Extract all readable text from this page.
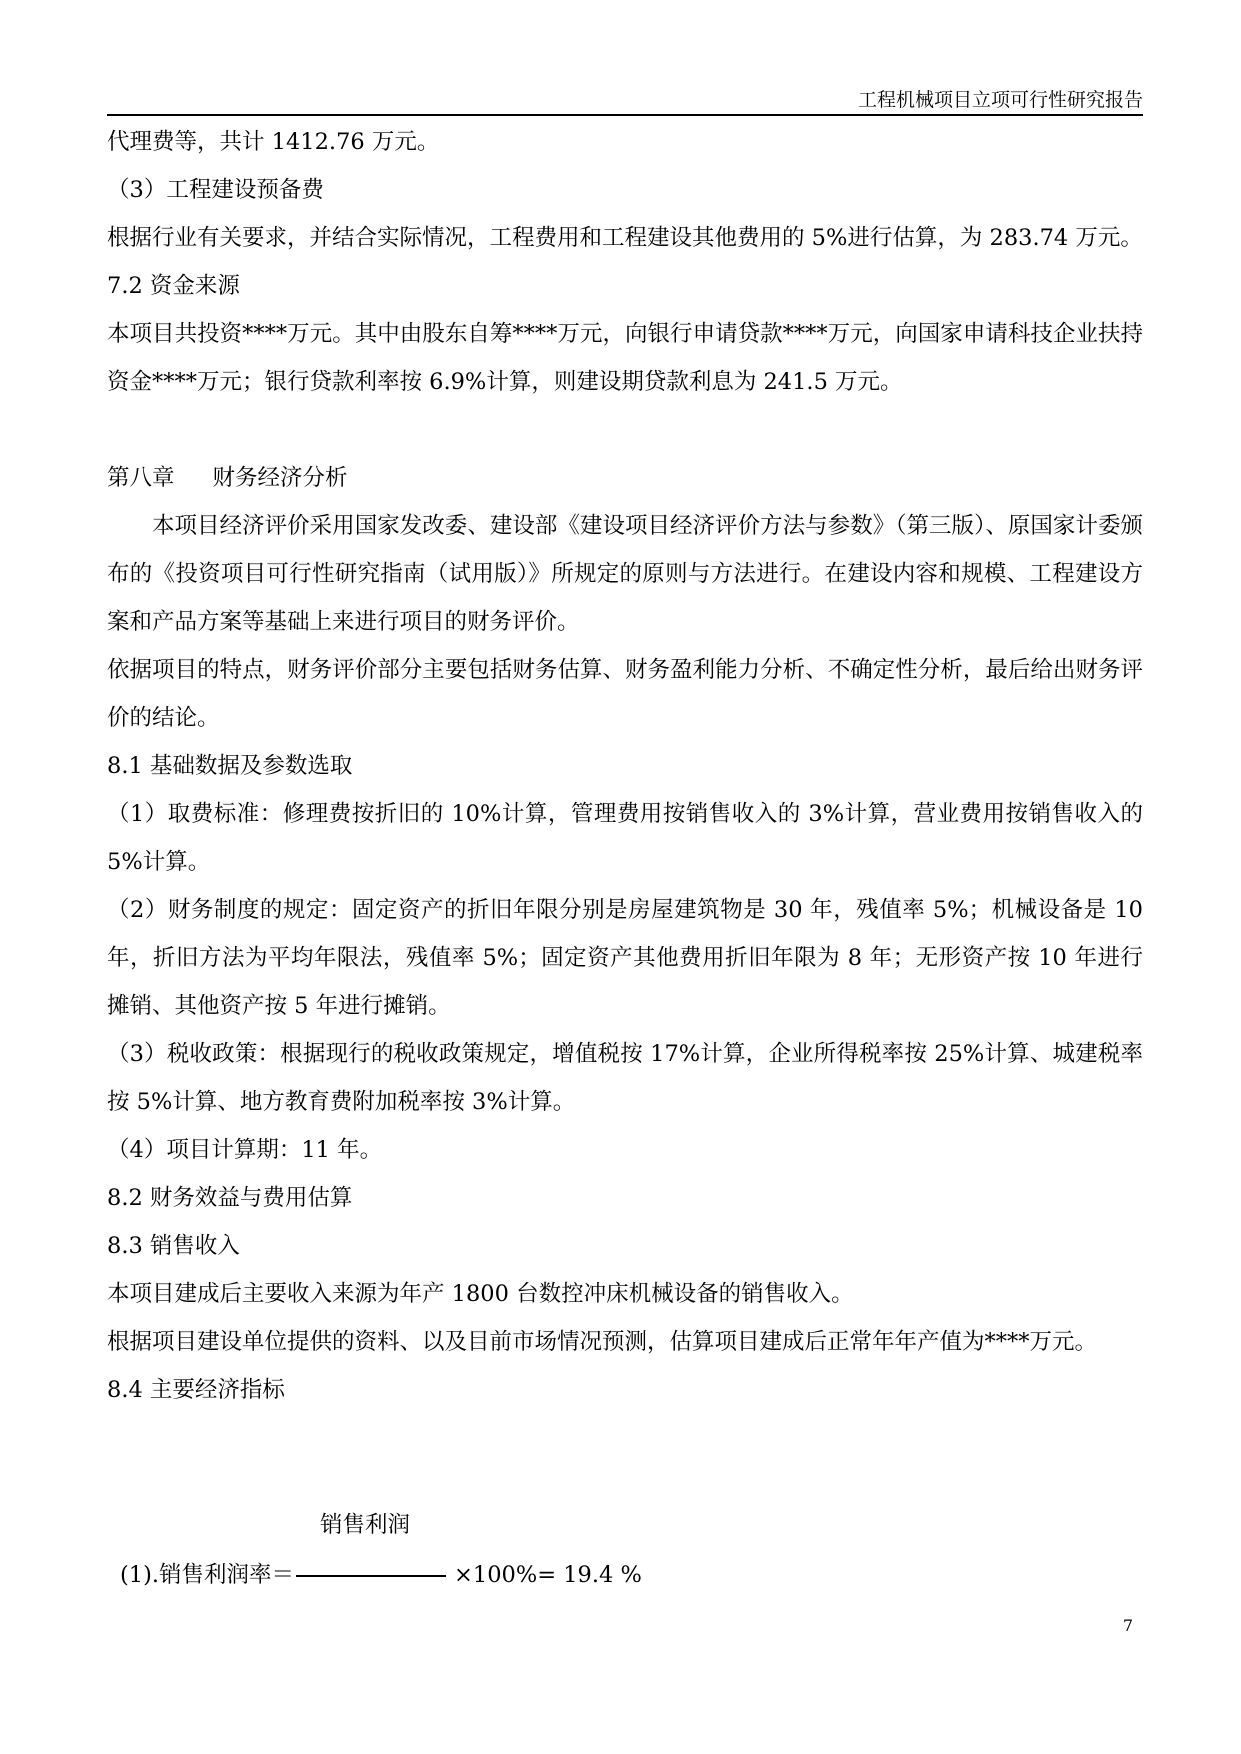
工程机械项目立项可行性研究报告

代理费等，共计 1412.76 万元。

（3）工程建设预备费

根据行业有关要求，并结合实际情况，工程费用和工程建设其他费用的 5%进行估算，为 283.74 万元。

7.2 资金来源

本项目共投资****万元。其中由股东自筹****万元，向银行申请贷款****万元，向国家申请科技企业扶持资金****万元；银行贷款利率按 6.9%计算，则建设期贷款利息为 241.5 万元。

第八章 财务经济分析

本项目经济评价采用国家发改委、建设部《建设项目经济评价方法与参数》（第三版）、原国家计委颁布的《投资项目可行性研究指南（试用版）》所规定的原则与方法进行。在建设内容和规模、工程建设方案和产品方案等基础上来进行项目的财务评价。

依据项目的特点，财务评价部分主要包括财务估算、财务盈利能力分析、不确定性分析，最后给出财务评价的结论。

8.1 基础数据及参数选取

（1）取费标准：修理费按折旧的 10%计算，管理费用按销售收入的 3%计算，营业费用按销售收入的 5%计算。

（2）财务制度的规定：固定资产的折旧年限分别是房屋建筑物是 30 年，残值率 5%；机械设备是 10 年，折旧方法为平均年限法，残值率 5%；固定资产其他费用折旧年限为 8 年；无形资产按 10 年进行摊销、其他资产按 5 年进行摊销。

（3）税收政策：根据现行的税收政策规定，增值税按 17%计算，企业所得税率按 25%计算、城建税率按 5%计算、地方教育费附加税率按 3%计算。

（4）项目计算期：11 年。

8.2 财务效益与费用估算

8.3 销售收入

本项目建成后主要收入来源为年产 1800 台数控冲床机械设备的销售收入。

根据项目建设单位提供的资料、以及目前市场情况预测，估算项目建成后正常年年产值为****万元。

8.4 主要经济指标

销售利润
(1).销售利润率＝	×100%= 19.4 %
7
